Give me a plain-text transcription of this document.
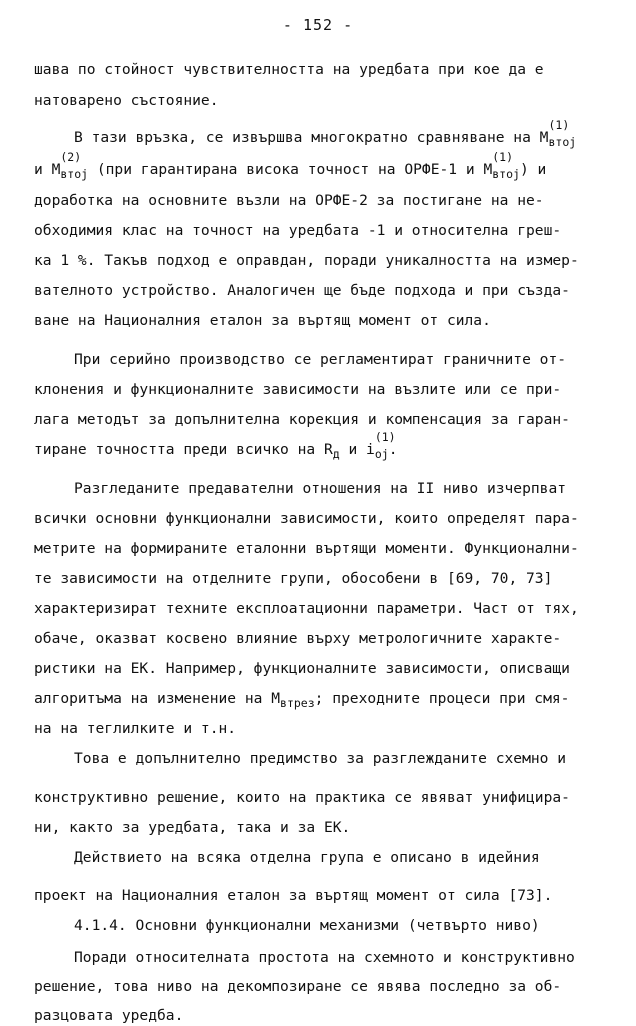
- 152 -
шава по стойност чувствителността на уредбата при кое да е
натоварено състояние.
В тази връзка, се извършва многократно сравняване на M
(1)
$_{втоj}$
и M
(2)
$_{втоj}$ (при гарантирана висока точност на ОРФЕ-1 и M
(1)
$_{втоj}$) и
доработка на основните възли на ОРФЕ-2 за постигане на не-
обходимия клас на точност на уредбата -1 и относителна греш-
ка 1 %. Такъв подход е оправдан, поради уникалността на измер-
вателното устройство. Аналогичен ще бъде подхода и при създа-
ване на Националния еталон за въртящ момент от сила.
При серийно производство се регламентират граничните от-
клонения и функционалните зависимости на възлите или се при-
лага методът за допълнителна корекция и компенсация за гаран-
тиране точността преди всичко на $R_д$ и i
(1)
$_{oj}$.
Разгледаните предавателни отношения на II ниво изчерпват
всички основни функционални зависимости, които определят пара-
метрите на формираните еталонни въртящи моменти. Функционални-
те зависимости на отделните групи, обособени в [69, 70, 73]
характеризират техните експлоатационни параметри. Част от тях,
обаче, оказват косвено влияние върху метрологичните характе-
ристики на ЕК. Например, функционалните зависимости, описващи
алгоритъма на изменение на $M_{втрез}$; преходните процеси при смя-
на на теглилките и т.н.
Това е допълнително предимство за разглежданите схемно и
конструктивно решение, които на практика се явяват унифицира-
ни, както за уредбата, така и за ЕК.
Действието на всяка отделна група е описано в идейния
проект на Националния еталон за въртящ момент от сила [73].
4.1.4. Основни функционални механизми (четвърто ниво)
Поради относителната простота на схемното и конструктивно
решение, това ниво на декомпозиране се явява последно за об-
разцовата уредба.
